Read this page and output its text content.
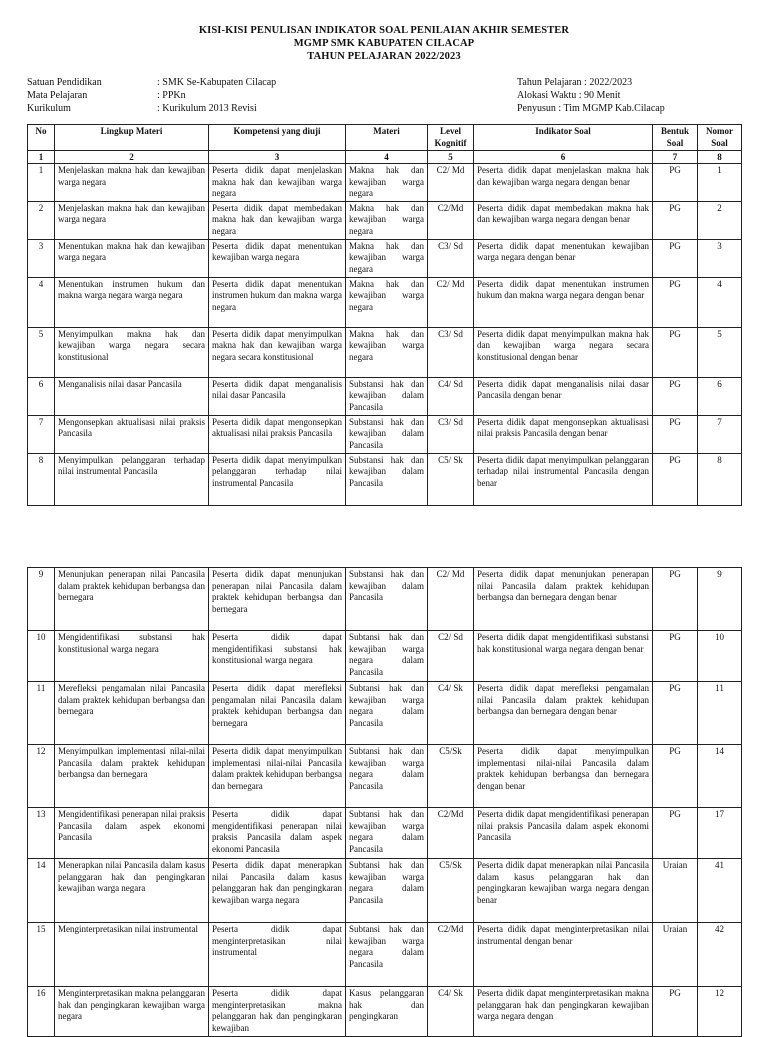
KISI-KISI PENULISAN INDIKATOR SOAL PENILAIAN AKHIR SEMESTER
MGMP SMK KABUPATEN CILACAP
TAHUN PELAJARAN 2022/2023
Satuan Pendidikan	: SMK Se-Kabupaten Cilacap
Mata Pelajaran	: PPKn
Kurikulum	: Kurikulum 2013 Revisi
Tahun Pelajaran : 2022/2023
Alokasi Waktu : 90 Menit
Penyusun : Tim MGMP Kab.Cilacap
No	Lingkup Materi	Kompetensi yang diuji	Materi	Level Kognitif	Indikator Soal	Bentuk Soal	Nomor Soal
1	2	3	4	5	6	7	8
1	Menjelaskan makna hak dan kewajiban warga negara	Peserta didik dapat menjelaskan makna hak dan kewajiban warga negara	Makna hak dan kewajiban warga negara	C2/ Md	Peserta didik dapat menjelaskan makna hak dan kewajiban warga negara dengan benar	PG	1
2	Menjelaskan makna hak dan kewajiban warga negara	Peserta didik dapat membedakan makna hak dan kewajiban warga negara	Makna hak dan kewajiban warga negara	C2/Md	Peserta didik dapat membedakan makna hak dan kewajiban warga negara dengan benar	PG	2
3	Menentukan makna hak dan kewajiban warga negara	Peserta didik dapat menentukan kewajiban warga negara	Makna hak dan kewajiban warga negara	C3/ Sd	Peserta didik dapat menentukan kewajiban warga negara dengan benar	PG	3
4	Menentukan instrumen hukum dan makna warga negara warga negara	Peserta didik dapat menentukan instrumen hukum dan makna warga negara	Makna hak dan kewajiban warga negara	C2/ Md	Peserta didik dapat menentukan instrumen hukum dan makna warga negara dengan benar	PG	4
5	Menyimpulkan makna hak dan kewajiban warga negara secara konstitusional	Peserta didik dapat menyimpulkan makna hak dan kewajiban warga negara secara konstitusional	Makna hak dan kewajiban warga negara	C3/ Sd	Peserta didik dapat menyimpulkan makna hak dan kewajiban warga negara secara konstitusional dengan benar	PG	5
6	Menganalisis nilai dasar Pancasila	Peserta didik dapat menganalisis nilai dasar Pancasila	Substansi hak dan kewajiban dalam Pancasila	C4/ Sd	Peserta didik dapat menganalisis nilai dasar Pancasila dengan benar	PG	6
7	Mengonsepkan aktualisasi nilai praksis Pancasila	Peserta didik dapat mengonsepkan aktualisasi nilai praksis Pancasila	Substansi hak dan kewajiban dalam Pancasila	C3/ Sd	Peserta didik dapat mengonsepkan aktualisasi nilai praksis Pancasila dengan benar	PG	7
8	Menyimpulkan pelanggaran terhadap nilai instrumental Pancasila	Peserta didik dapat menyimpulkan pelanggaran terhadap nilai instrumental Pancasila	Substansi hak dan kewajiban dalam Pancasila	C5/ Sk	Peserta didik dapat menyimpulkan pelanggaran terhadap nilai instrumental Pancasila dengan benar	PG	8
9	Menunjukan penerapan nilai Pancasila dalam praktek kehidupan berbangsa dan bernegara	Peserta didik dapat menunjukan penerapan nilai Pancasila dalam praktek kehidupan berbangsa dan bernegara	Substansi hak dan kewajiban dalam Pancasila	C2/ Md	Peserta didik dapat menunjukan penerapan nilai Pancasila dalam praktek kehidupan berbangsa dan bernegara dengan benar	PG	9
10	Mengidentifikasi substansi hak konstitusional warga negara	Peserta didik dapat mengidentifikasi substansi hak konstitusional warga negara	Subtansi hak dan kewajiban warga negara dalam Pancasila	C2/ Sd	Peserta didik dapat mengidentifikasi substansi hak konstitusional warga negara dengan benar	PG	10
11	Merefleksi pengamalan nilai Pancasila dalam praktek kehidupan berbangsa dan bernegara	Peserta didik dapat merefleksi pengamalan nilai Pancasila dalam praktek kehidupan berbangsa dan bernegara	Subtansi hak dan kewajiban warga negara dalam Pancasila	C4/ Sk	Peserta didik dapat merefleksi pengamalan nilai Pancasila dalam praktek kehidupan berbangsa dan bernegara dengan benar	PG	11
12	Menyimpulkan implementasi nilai-nilai Pancasila dalam praktek kehidupan berbangsa dan bernegara	Peserta didik dapat menyimpulkan implementasi nilai-nilai Pancasila dalam praktek kehidupan berbangsa dan bernegara	Subtansi hak dan kewajiban warga negara dalam Pancasila	C5/Sk	Peserta didik dapat menyimpulkan implementasi nilai-nilai Pancasila dalam praktek kehidupan berbangsa dan bernegara dengan benar	PG	14
13	Mengidentifikasi penerapan nilai praksis Pancasila dalam aspek ekonomi Pancasila	Peserta didik dapat mengidentifikasi penerapan nilai praksis Pancasila dalam aspek ekonomi Pancasila	Subtansi hak dan kewajiban warga negara dalam Pancasila	C2/Md	Peserta didik dapat mengidentifikasi penerapan nilai praksis Pancasila dalam aspek ekonomi Pancasila	PG	17
14	Menerapkan nilai Pancasila dalam kasus pelanggaran hak dan pengingkaran kewajiban warga negara	Peserta didik dapat menerapkan nilai Pancasila dalam kasus pelanggaran hak dan pengingkaran kewajiban warga negara	Subtansi hak dan kewajiban warga negara dalam Pancasila	C5/Sk	Peserta didik dapat menerapkan nilai Pancasila dalam kasus pelanggaran hak dan pengingkaran kewajiban warga negara dengan benar	Uraian	41
15	Menginterpretasikan nilai instrumental	Peserta didik dapat menginterpretasikan nilai instrumental	Subtansi hak dan kewajiban warga negara dalam Pancasila	C2/Md	Peserta didik dapat menginterpretasikan nilai instrumental dengan benar	Uraian	42
16	Menginterpretasikan makna pelanggaran hak dan pengingkaran kewajiban warga negara	Peserta didik dapat menginterpretasikan makna pelanggaran hak dan pengingkaran kewajiban	Kasus pelanggaran hak dan pengingkaran	C4/ Sk	Peserta didik dapat menginterpretasikan makna pelanggaran hak dan pengingkaran kewajiban warga negara dengan	PG	12
